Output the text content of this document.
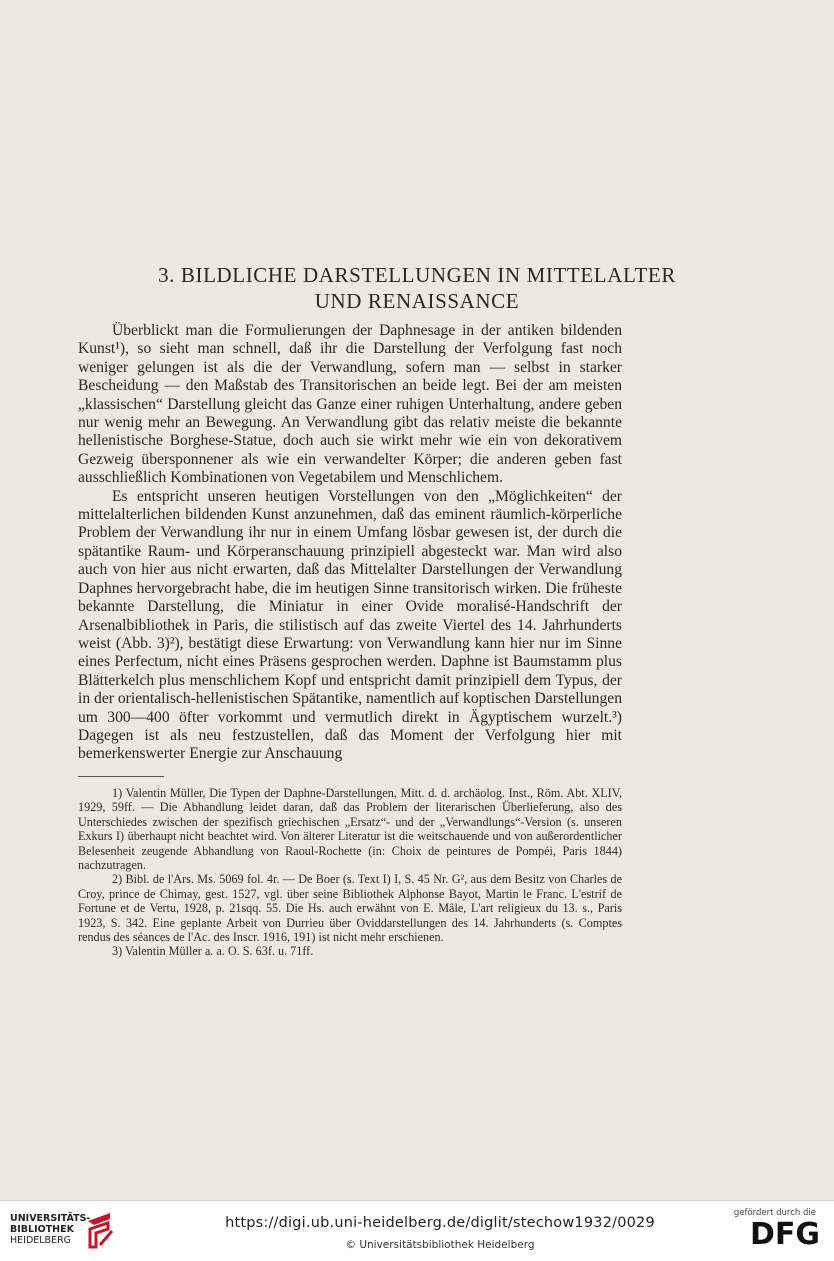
3. BILDLICHE DARSTELLUNGEN IN MITTELALTER
UND RENAISSANCE

Überblickt man die Formulierungen der Daphnesage in der antiken bildenden Kunst¹), so sieht man schnell, daß ihr die Darstellung der Verfolgung fast noch weniger gelungen ist als die der Verwandlung, sofern man — selbst in starker Bescheidung — den Maßstab des Transitorischen an beide legt. Bei der am meisten „klassischen“ Darstellung gleicht das Ganze einer ruhigen Unterhaltung, andere geben nur wenig mehr an Bewegung. An Verwandlung gibt das relativ meiste die bekannte hellenistische Borghese-Statue, doch auch sie wirkt mehr wie ein von dekorativem Gezweig übersponnener als wie ein verwandelter Körper; die anderen geben fast ausschließlich Kombinationen von Vegetabilem und Menschlichem.

Es entspricht unseren heutigen Vorstellungen von den „Möglichkeiten“ der mittelalterlichen bildenden Kunst anzunehmen, daß das eminent räumlich-körperliche Problem der Verwandlung ihr nur in einem Umfang lösbar gewesen ist, der durch die spätantike Raum- und Körperanschauung prinzipiell abgesteckt war. Man wird also auch von hier aus nicht erwarten, daß das Mittelalter Darstellungen der Verwandlung Daphnes hervorgebracht habe, die im heutigen Sinne transitorisch wirken. Die früheste bekannte Darstellung, die Miniatur in einer Ovide moralisé-Handschrift der Arsenalbibliothek in Paris, die stilistisch auf das zweite Viertel des 14. Jahrhunderts weist (Abb. 3)²), bestätigt diese Erwartung: von Verwandlung kann hier nur im Sinne eines Perfectum, nicht eines Präsens gesprochen werden. Daphne ist Baumstamm plus Blätterkelch plus menschlichem Kopf und entspricht damit prinzipiell dem Typus, der in der orientalisch-hellenistischen Spätantike, namentlich auf koptischen Darstellungen um 300—400 öfter vorkommt und vermutlich direkt in Ägyptischem wurzelt.³) Dagegen ist als neu festzustellen, daß das Moment der Verfolgung hier mit bemerkenswerter Energie zur Anschauung

1) Valentin Müller, Die Typen der Daphne-Darstellungen, Mitt. d. d. archäolog. Inst., Röm. Abt. XLIV, 1929, 59ff. — Die Abhandlung leidet daran, daß das Problem der literarischen Überlieferung, also des Unterschiedes zwischen der spezifisch griechischen „Ersatz“- und der „Verwandlungs“-Version (s. unseren Exkurs I) überhaupt nicht beachtet wird. Von älterer Literatur ist die weitschauende und von außerordentlicher Belesenheit zeugende Abhandlung von Raoul-Rochette (in: Choix de peintures de Pompéi, Paris 1844) nachzutragen.

2) Bibl. de l'Ars. Ms. 5069 fol. 4r. — De Boer (s. Text I) I, S. 45 Nr. G², aus dem Besitz von Charles de Croy, prince de Chimay, gest. 1527, vgl. über seine Bibliothek Alphonse Bayot, Martin le Franc. L'estrif de Fortune et de Vertu, 1928, p. 21sqq. 55. Die Hs. auch erwähnt von E. Mâle, L'art religieux du 13. s., Paris 1923, S. 342. Eine geplante Arbeit von Durrieu über Oviddarstellungen des 14. Jahrhunderts (s. Comptes rendus des séances de l'Ac. des Inscr. 1916, 191) ist nicht mehr erschienen.

3) Valentin Müller a. a. O. S. 63f. u. 71ff.

UNIVERSITÄTS-
BIBLIOTHEK
HEIDELBERG
https://digi.ub.uni-heidelberg.de/diglit/stechow1932/0029
© Universitätsbibliothek Heidelberg
gefördert durch die
DFG
